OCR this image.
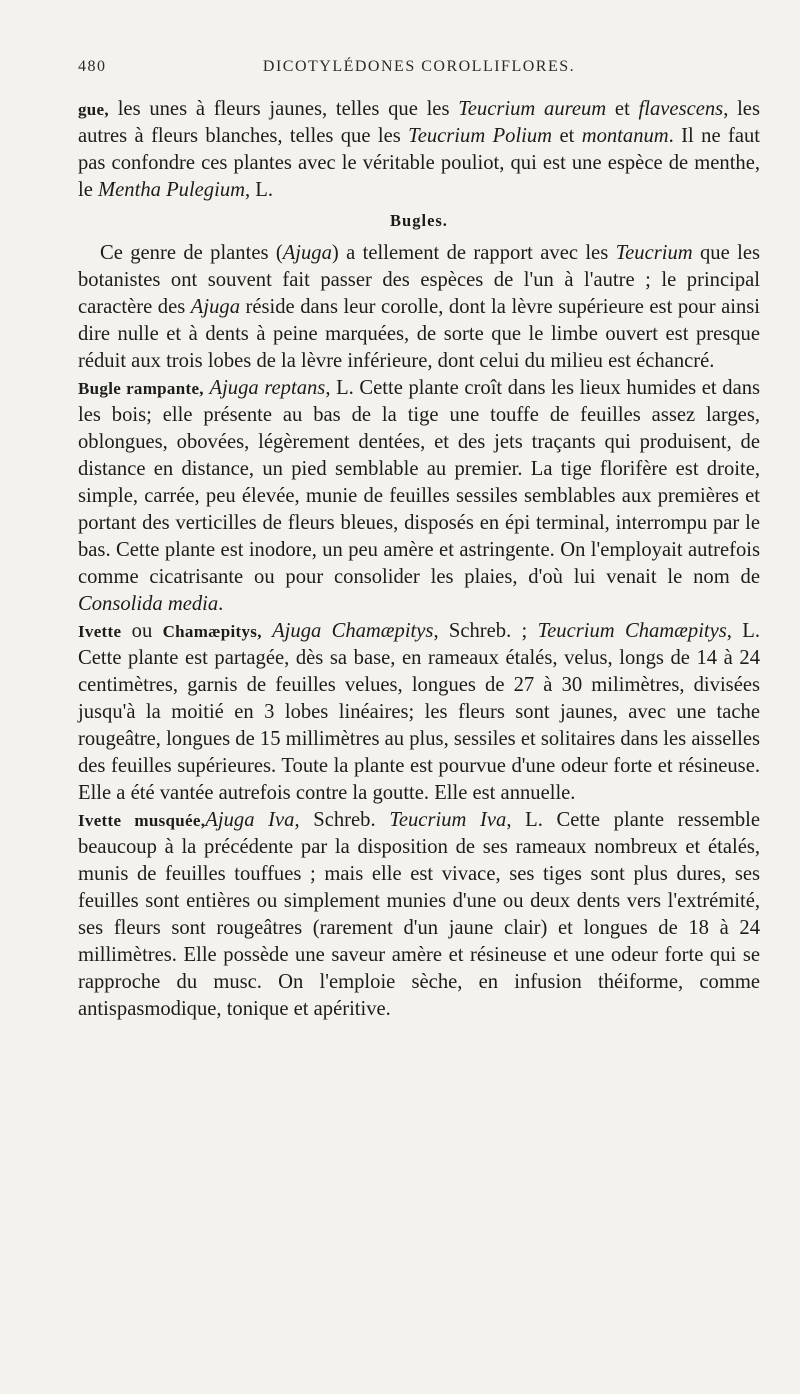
480	DICOTYLÉDONES COROLLIFLORES.

gue, les unes à fleurs jaunes, telles que les Teucrium aureum et flavescens, les autres à fleurs blanches, telles que les Teucrium Polium et montanum. Il ne faut pas confondre ces plantes avec le véritable pouliot, qui est une espèce de menthe, le Mentha Pulegium, L.

Bugles.

Ce genre de plantes (Ajuga) a tellement de rapport avec les Teucrium que les botanistes ont souvent fait passer des espèces de l'un à l'autre ; le principal caractère des Ajuga réside dans leur corolle, dont la lèvre supérieure est pour ainsi dire nulle et à dents à peine marquées, de sorte que le limbe ouvert est presque réduit aux trois lobes de la lèvre inférieure, dont celui du milieu est échancré.

Bugle rampante, Ajuga reptans, L. Cette plante croît dans les lieux humides et dans les bois; elle présente au bas de la tige une touffe de feuilles assez larges, oblongues, obovées, légèrement dentées, et des jets traçants qui produisent, de distance en distance, un pied semblable au premier. La tige florifère est droite, simple, carrée, peu élevée, munie de feuilles sessiles semblables aux premières et portant des verticilles de fleurs bleues, disposés en épi terminal, interrompu par le bas. Cette plante est inodore, un peu amère et astringente. On l'employait autrefois comme cicatrisante ou pour consolider les plaies, d'où lui venait le nom de Consolida media.

Ivette ou Chamæpitys, Ajuga Chamæpitys, Schreb. ; Teucrium Chamæpitys, L. Cette plante est partagée, dès sa base, en rameaux étalés, velus, longs de 14 à 24 centimètres, garnis de feuilles velues, longues de 27 à 30 milimètres, divisées jusqu'à la moitié en 3 lobes linéaires; les fleurs sont jaunes, avec une tache rougeâtre, longues de 15 millimètres au plus, sessiles et solitaires dans les aisselles des feuilles supérieures. Toute la plante est pourvue d'une odeur forte et résineuse. Elle a été vantée autrefois contre la goutte. Elle est annuelle.

Ivette musquée,Ajuga Iva, Schreb. Teucrium Iva, L. Cette plante ressemble beaucoup à la précédente par la disposition de ses rameaux nombreux et étalés, munis de feuilles touffues ; mais elle est vivace, ses tiges sont plus dures, ses feuilles sont entières ou simplement munies d'une ou deux dents vers l'extrémité, ses fleurs sont rougeâtres (rarement d'un jaune clair) et longues de 18 à 24 millimètres. Elle possède une saveur amère et résineuse et une odeur forte qui se rapproche du musc. On l'emploie sèche, en infusion théiforme, comme antispasmodique, tonique et apéritive.
